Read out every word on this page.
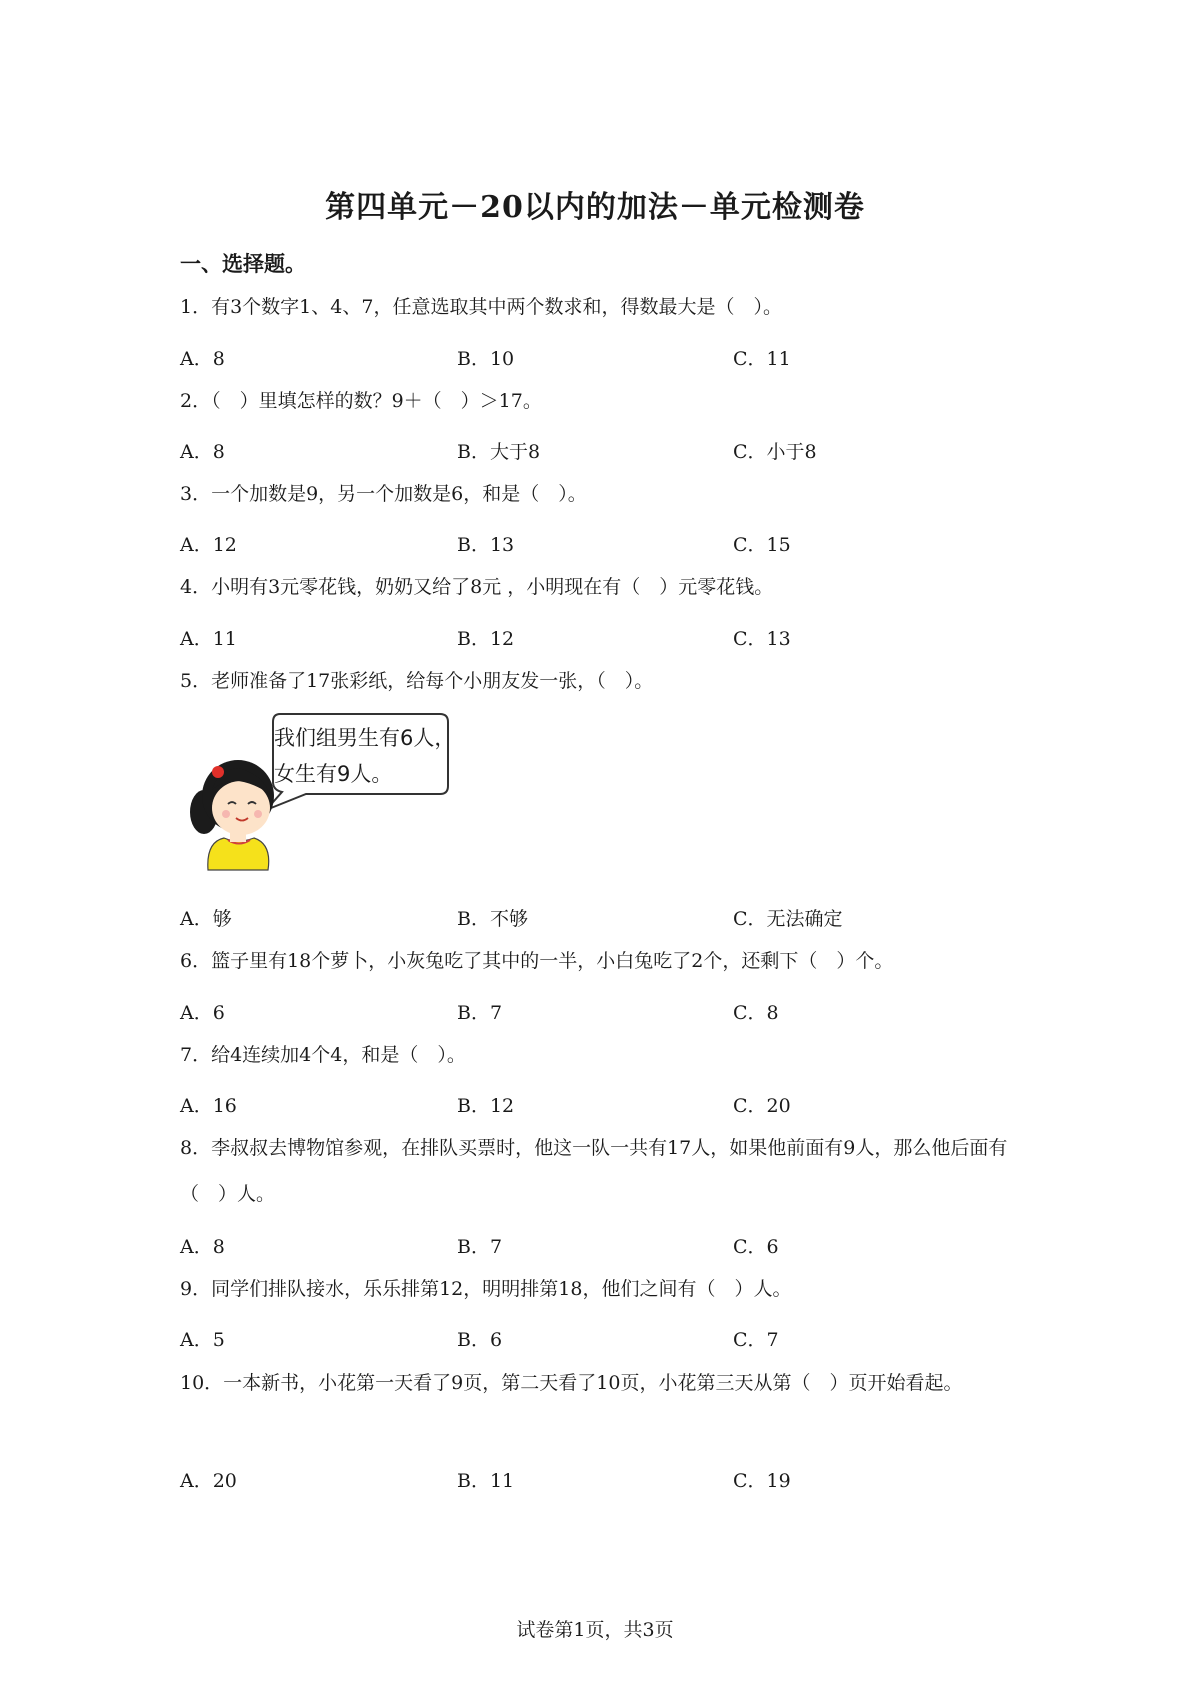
第四单元－20以内的加法－单元检测卷
一、选择题。
1．有3个数字1、4、7，任意选取其中两个数求和，得数最大是（　）。
A．8	B．10	C．11
2．（　）里填怎样的数？9＋（　）＞17。
A．8	B．大于8	C．小于8
3．一个加数是9，另一个加数是6，和是（　）。
A．12	B．13	C．15
4．小明有3元零花钱，奶奶又给了8元 ，小明现在有（　）元零花钱。
A．11	B．12	C．13
5．老师准备了17张彩纸，给每个小朋友发一张，（　）。
我们组男生有6人，
女生有9人。
A．够	B．不够	C．无法确定
6．篮子里有18个萝卜，小灰兔吃了其中的一半，小白兔吃了2个，还剩下（　）个。
A．6	B．7	C．8
7．给4连续加4个4，和是（　）。
A．16	B．12	C．20
8．李叔叔去博物馆参观，在排队买票时，他这一队一共有17人，如果他前面有9人，那么他后面有（　）人。
A．8	B．7	C．6
9．同学们排队接水，乐乐排第12，明明排第18，他们之间有（　）人。
A．5	B．6	C．7
10．一本新书，小花第一天看了9页，第二天看了10页，小花第三天从第（　）页开始看起。
A．20	B．11	C．19
试卷第1页，共3页
